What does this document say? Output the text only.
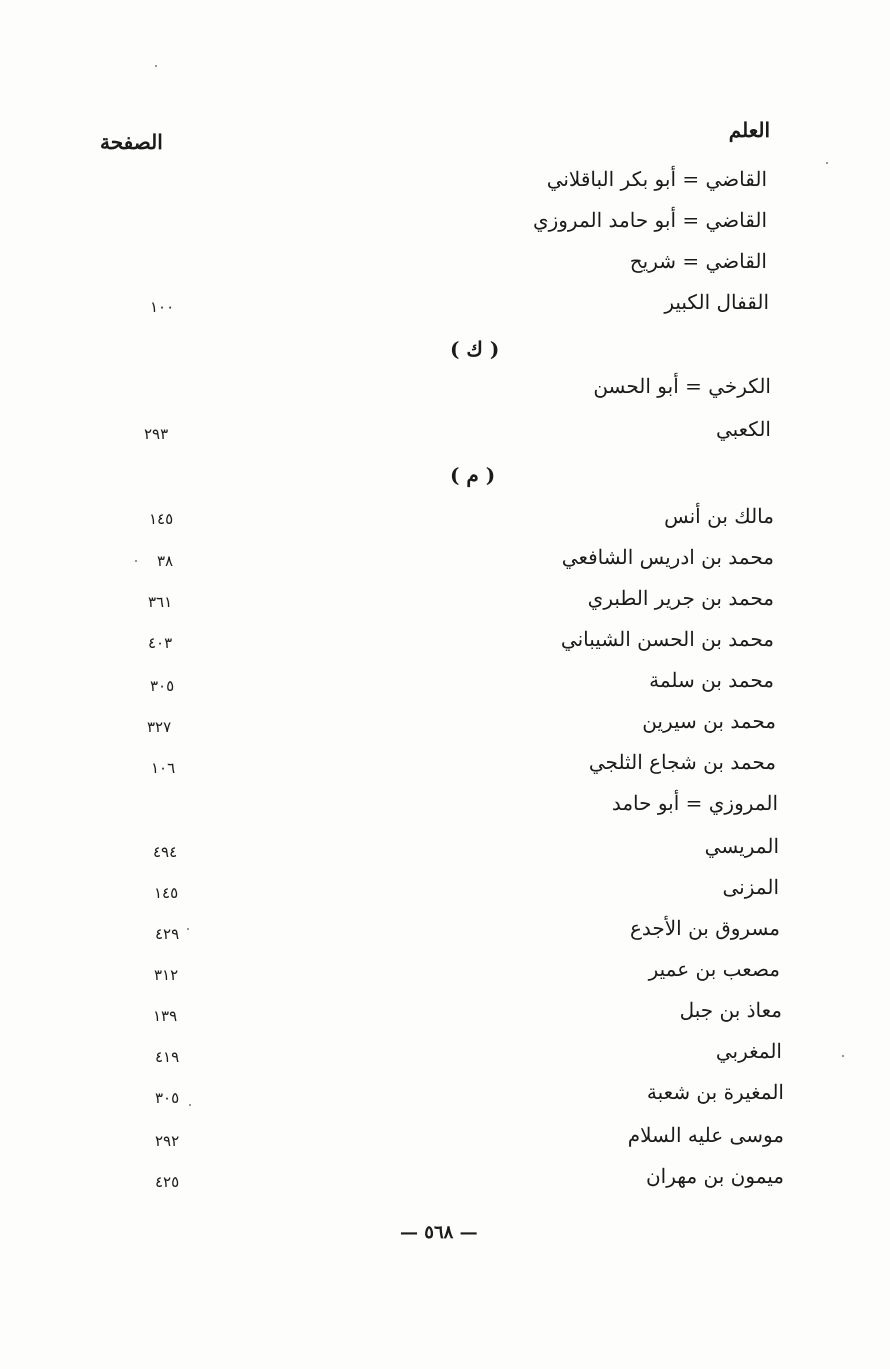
العلم
الصفحة
القاضي = أبو بكر الباقلاني
القاضي = أبو حامد المروزي
القاضي = شريح
القفال الكبير
١٠٠
( ك )
الكرخي = أبو الحسن
الكعبي
٢٩٣
( م )
مالك بن أنس
١٤٥
محمد بن ادريس الشافعي
٣٨
محمد بن جرير الطبري
٣٦١
محمد بن الحسن الشيباني
٤٠٣
محمد بن سلمة
٣٠٥
محمد بن سيرين
٣٢٧
محمد بن شجاع الثلجي
١٠٦
المروزي = أبو حامد
المريسي
٤٩٤
المزنى
١٤٥
مسروق بن الأجدع
٤٢٩
مصعب بن عمير
٣١٢
معاذ بن جبل
١٣٩
المغربي
٤١٩
المغيرة بن شعبة
٣٠٥
موسى عليه السلام
٢٩٢
ميمون بن مهران
٤٢٥
— ٥٦٨ —
